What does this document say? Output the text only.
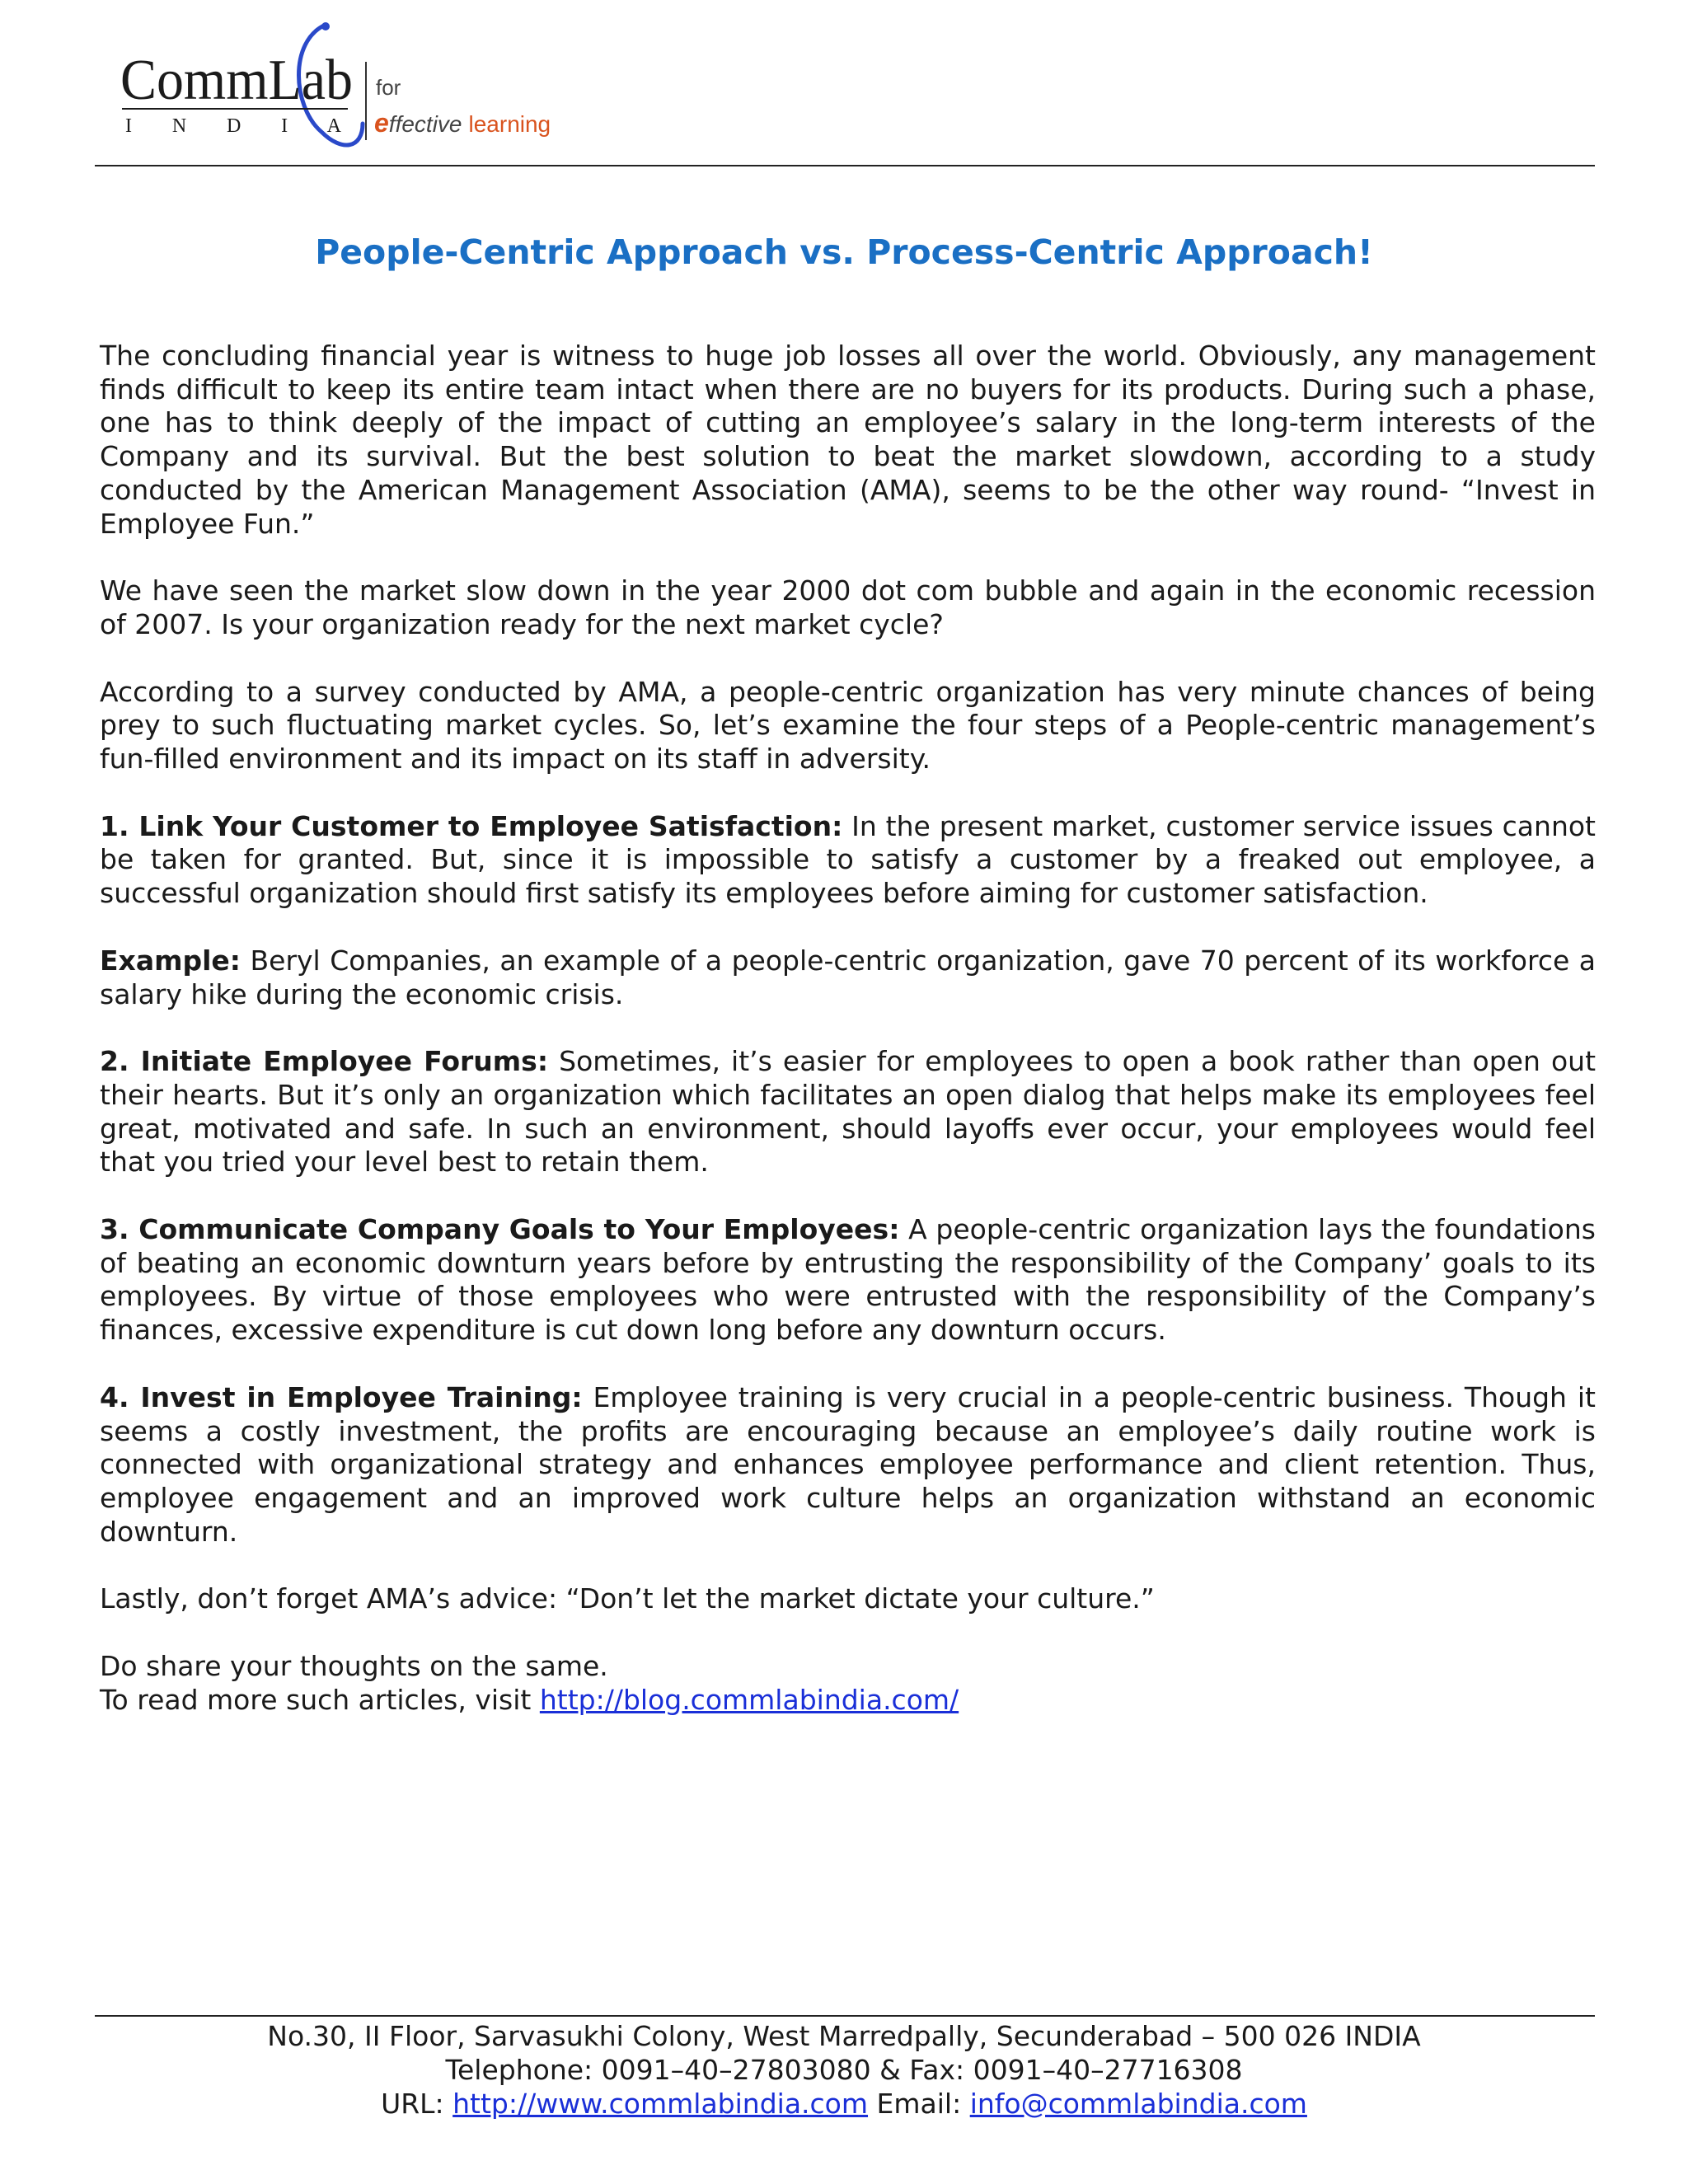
CommLab
I N D I A
for
effective learning
People-Centric Approach vs. Process-Centric Approach!

The concluding financial year is witness to huge job losses all over the world. Obviously, any management finds difficult to keep its entire team intact when there are no buyers for its products. During such a phase, one has to think deeply of the impact of cutting an employee’s salary in the long-term interests of the Company and its survival. But the best solution to beat the market slowdown, according to a study conducted by the American Management Association (AMA), seems to be the other way round- “Invest in Employee Fun.”

We have seen the market slow down in the year 2000 dot com bubble and again in the economic recession of 2007. Is your organization ready for the next market cycle?

According to a survey conducted by AMA, a people-centric organization has very minute chances of being prey to such fluctuating market cycles. So, let’s examine the four steps of a People-centric management’s fun-filled environment and its impact on its staff in adversity.

1. Link Your Customer to Employee Satisfaction: In the present market, customer service issues cannot be taken for granted. But, since it is impossible to satisfy a customer by a freaked out employee, a successful organization should first satisfy its employees before aiming for customer satisfaction.

Example: Beryl Companies, an example of a people-centric organization, gave 70 percent of its workforce a salary hike during the economic crisis.

2. Initiate Employee Forums: Sometimes, it’s easier for employees to open a book rather than open out their hearts. But it’s only an organization which facilitates an open dialog that helps make its employees feel great, motivated and safe. In such an environment, should layoffs ever occur, your employees would feel that you tried your level best to retain them.

3. Communicate Company Goals to Your Employees: A people-centric organization lays the foundations of beating an economic downturn years before by entrusting the responsibility of the Company’ goals to its employees. By virtue of those employees who were entrusted with the responsibility of the Company’s finances, excessive expenditure is cut down long before any downturn occurs.

4. Invest in Employee Training: Employee training is very crucial in a people-centric business. Though it seems a costly investment, the profits are encouraging because an employee’s daily routine work is connected with organizational strategy and enhances employee performance and client retention. Thus, employee engagement and an improved work culture helps an organization withstand an economic downturn.

Lastly, don’t forget AMA’s advice: “Don’t let the market dictate your culture.”

Do share your thoughts on the same.

To read more such articles, visit http://blog.commlabindia.com/

No.30, II Floor, Sarvasukhi Colony, West Marredpally, Secunderabad – 500 026 INDIA
Telephone: 0091–40–27803080 & Fax: 0091–40–27716308
URL: http://www.commlabindia.com Email: info@commlabindia.com
